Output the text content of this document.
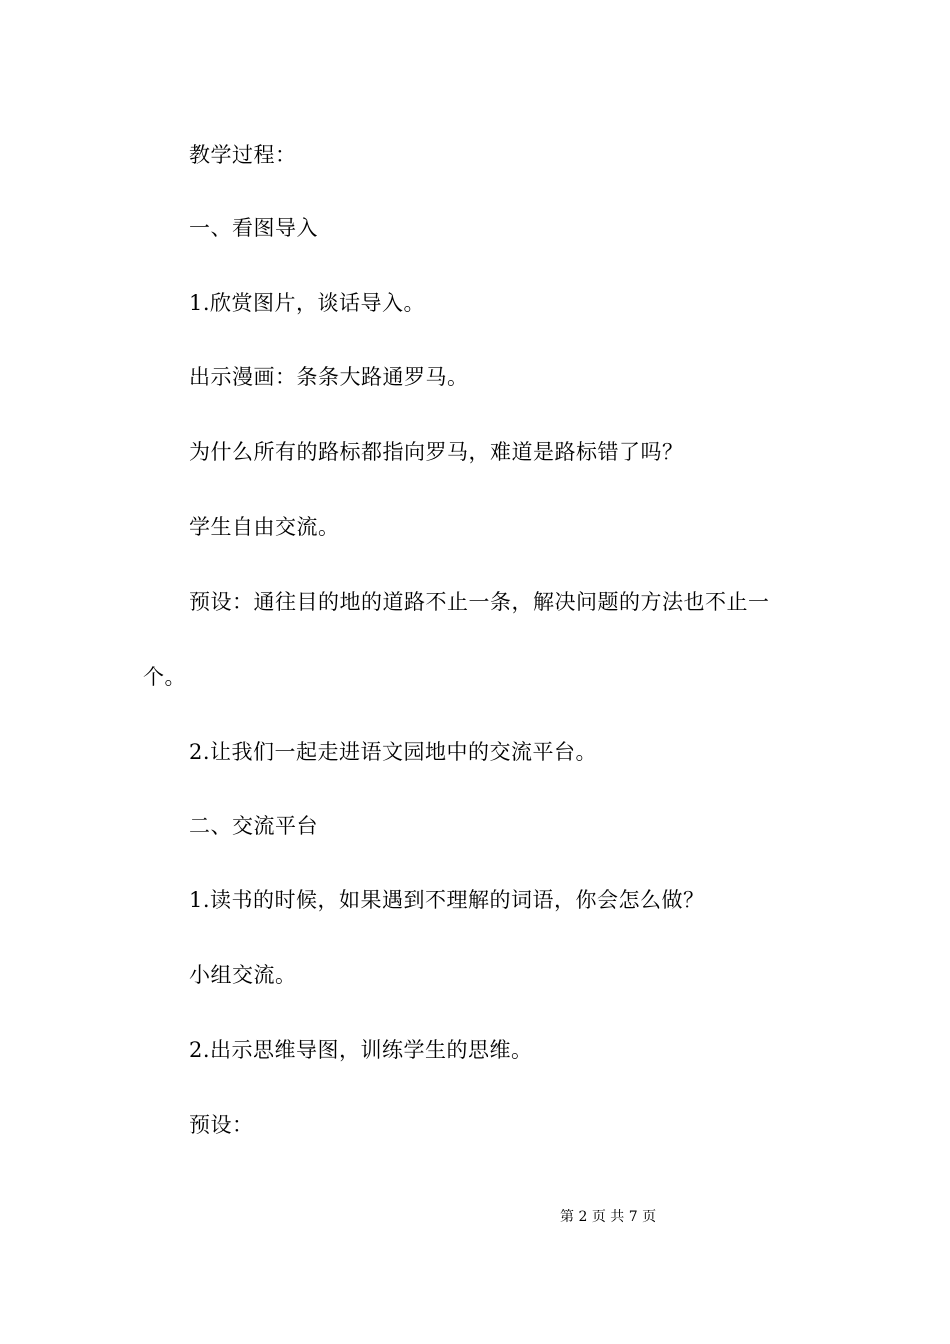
教学过程：
一、看图导入
1.欣赏图片，谈话导入。
出示漫画：条条大路通罗马。
为什么所有的路标都指向罗马，难道是路标错了吗？
学生自由交流。
预设：通往目的地的道路不止一条，解决问题的方法也不止一
个。
2.让我们一起走进语文园地中的交流平台。
二、交流平台
1.读书的时候，如果遇到不理解的词语，你会怎么做？
小组交流。
2.出示思维导图，训练学生的思维。
预设：
第 2 页 共 7 页
